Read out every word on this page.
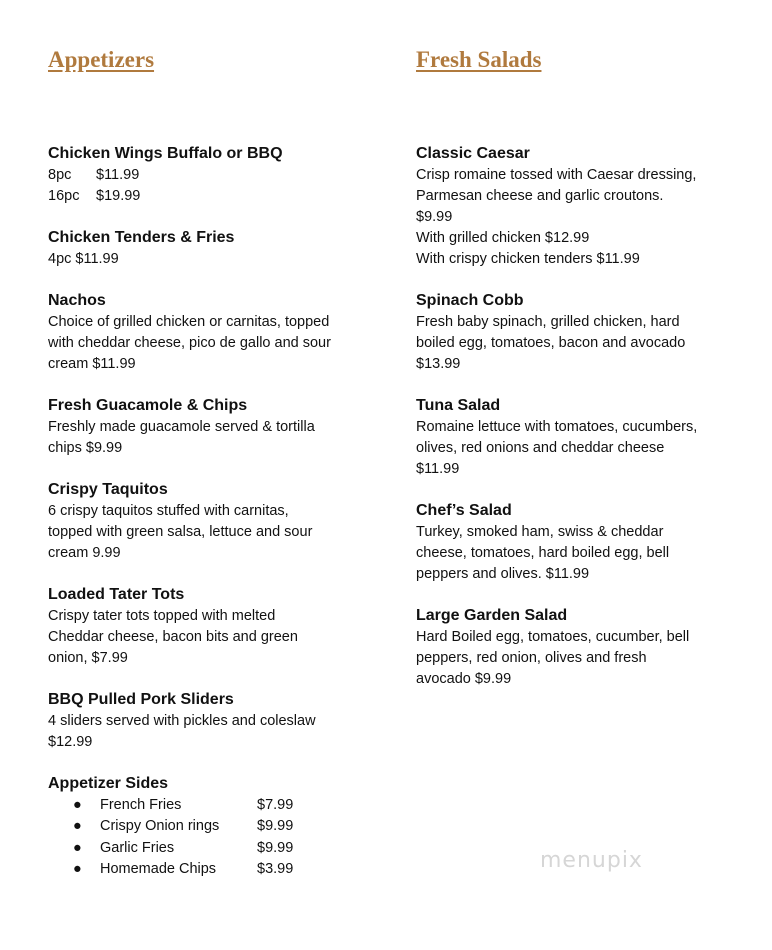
Appetizers
Chicken Wings Buffalo or BBQ
8pc $11.99
16pc $19.99
Chicken Tenders & Fries
4pc $11.99
Nachos
Choice of grilled chicken or carnitas, topped
with cheddar cheese, pico de gallo and sour
cream $11.99
Fresh Guacamole & Chips
Freshly made guacamole served & tortilla
chips $9.99
Crispy Taquitos
6 crispy taquitos stuffed with carnitas,
topped with green salsa, lettuce and sour
cream 9.99
Loaded Tater Tots
Crispy tater tots topped with melted
Cheddar cheese, bacon bits and green
onion, $7.99
BBQ Pulled Pork Sliders
4 sliders served with pickles and coleslaw
$12.99
Appetizer Sides
● French Fries	$7.99
● Crispy Onion rings	$9.99
● Garlic Fries	$9.99
● Homemade Chips	$3.99
Fresh Salads
Classic Caesar
Crisp romaine tossed with Caesar dressing,
Parmesan cheese and garlic croutons.
$9.99
With grilled chicken $12.99
With crispy chicken tenders $11.99
Spinach Cobb
Fresh baby spinach, grilled chicken, hard
boiled egg, tomatoes, bacon and avocado
$13.99
Tuna Salad
Romaine lettuce with tomatoes, cucumbers,
olives, red onions and cheddar cheese
$11.99
Chef’s Salad
Turkey, smoked ham, swiss & cheddar
cheese, tomatoes, hard boiled egg, bell
peppers and olives. $11.99
Large Garden Salad
Hard Boiled egg, tomatoes, cucumber, bell
peppers, red onion, olives and fresh
avocado $9.99
menupix
